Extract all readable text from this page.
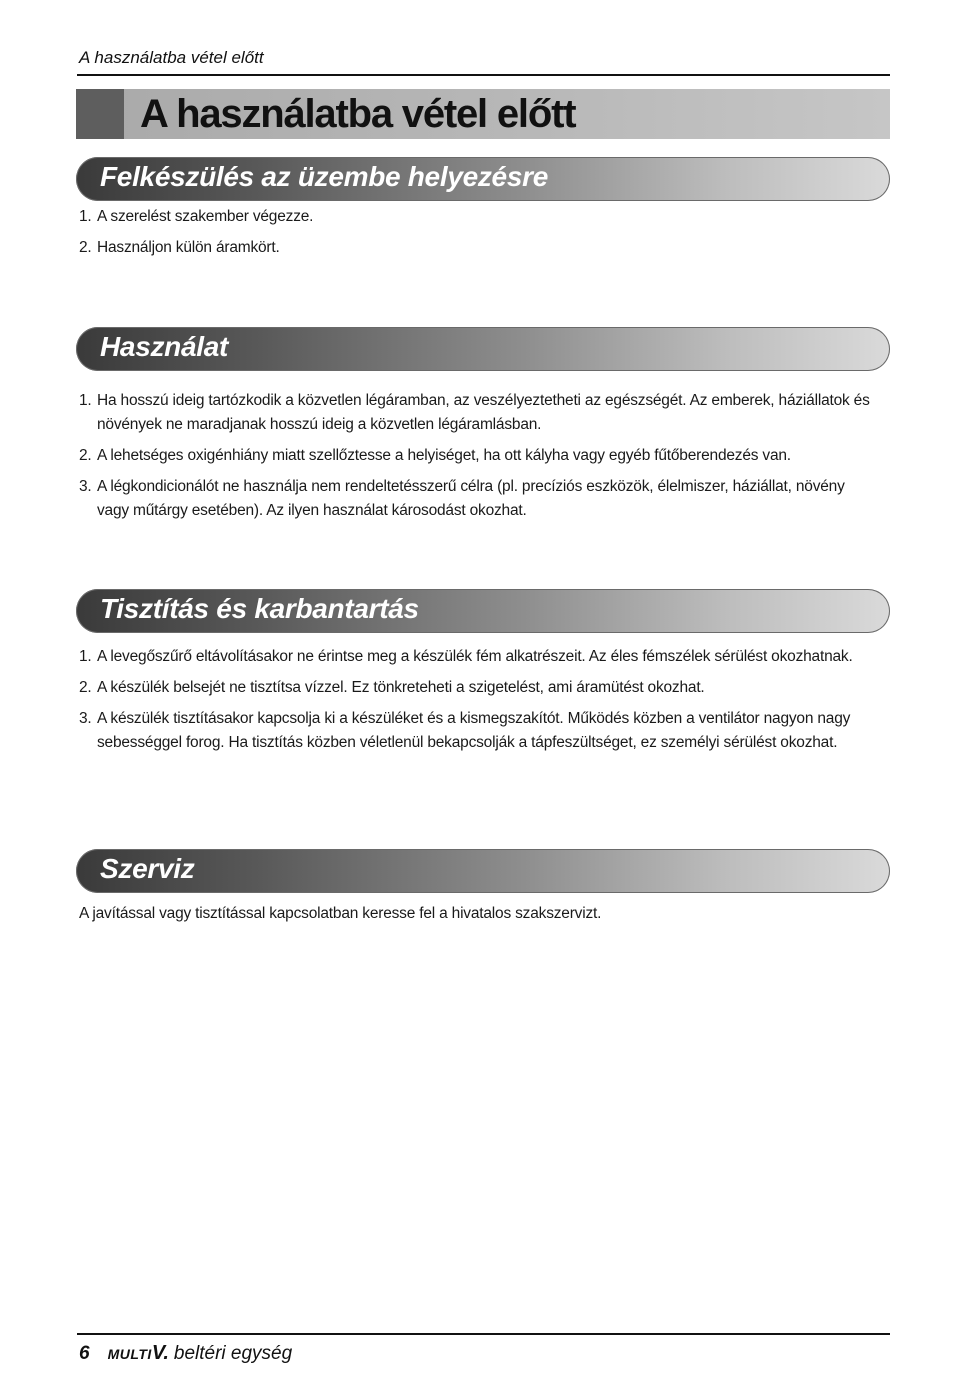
A használatba vétel előtt
A használatba vétel előtt
Felkészülés az üzembe helyezésre
1. A szerelést szakember végezze.
2. Használjon külön áramkört.
Használat
1. Ha hosszú ideig tartózkodik a közvetlen légáramban, az veszélyeztetheti az egészségét. Az emberek, háziállatok és növények ne maradjanak hosszú ideig a közvetlen légáramlásban.
2. A lehetséges oxigénhiány miatt szellőztesse a helyiséget, ha ott kályha vagy egyéb fűtőberendezés van.
3. A légkondicionálót ne használja nem rendeltetésszerű célra (pl. precíziós eszközök, élelmiszer, háziállat, növény vagy műtárgy esetében). Az ilyen használat károsodást okozhat.
Tisztítás és karbantartás
1. A levegőszűrő eltávolításakor ne érintse meg a készülék fém alkatrészeit. Az éles fémszélek sérülést okozhatnak.
2. A készülék belsejét ne tisztítsa vízzel. Ez tönkreteheti a szigetelést, ami áramütést okozhat.
3. A készülék tisztításakor kapcsolja ki a készüléket és a kismegszakítót. Működés közben a ventilátor nagyon nagy sebességgel forog. Ha tisztítás közben véletlenül bekapcsolják a tápfeszültséget, ez személyi sérülést okozhat.
Szerviz
A javítással vagy tisztítással kapcsolatban keresse fel a hivatalos szakszervizt.
6 MULTIV. beltéri egység
